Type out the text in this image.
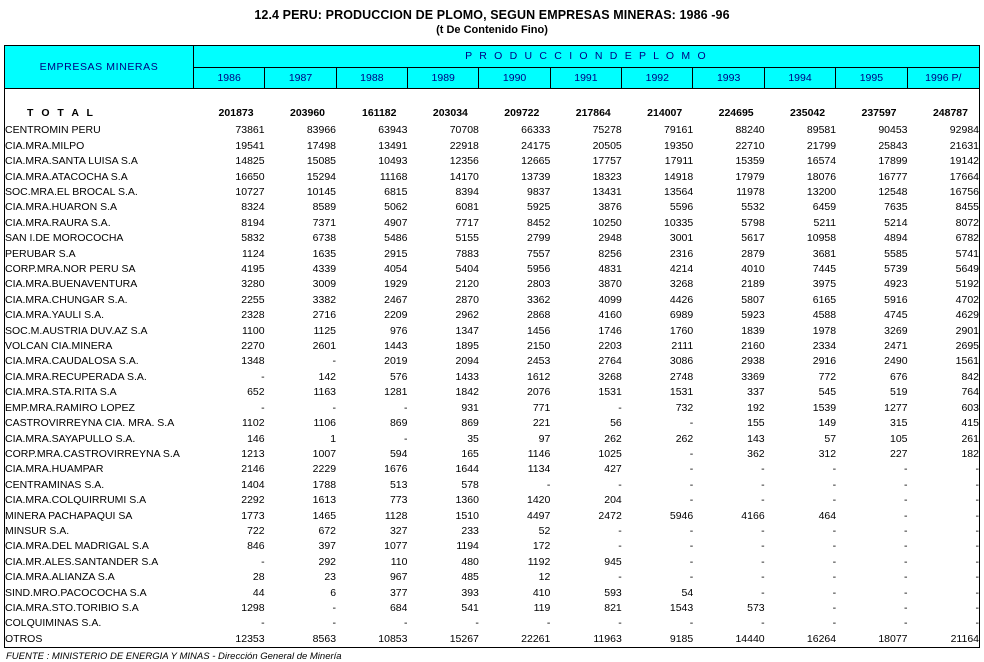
12.4 PERU: PRODUCCION DE PLOMO, SEGUN EMPRESAS MINERAS: 1986 -96
(t De Contenido Fino)
EMPRESAS MINERAS	P R O D U C C I O N D E P L O M O										
	1986	1987	1988	1989	1990	1991	1992	1993	1994	1995	1996 P/

T O T A L	201873	203960	161182	203034	209722	217864	214007	224695	235042	237597	248787
CENTROMIN PERU	73861	83966	63943	70708	66333	75278	79161	88240	89581	90453	92984
CIA.MRA.MILPO	19541	17498	13491	22918	24175	20505	19350	22710	21799	25843	21631
CIA.MRA.SANTA LUISA S.A	14825	15085	10493	12356	12665	17757	17911	15359	16574	17899	19142
CIA.MRA.ATACOCHA S.A	16650	15294	11168	14170	13739	18323	14918	17979	18076	16777	17664
SOC.MRA.EL BROCAL S.A.	10727	10145	6815	8394	9837	13431	13564	11978	13200	12548	16756
CIA.MRA.HUARON S.A	8324	8589	5062	6081	5925	3876	5596	5532	6459	7635	8455
CIA.MRA.RAURA S.A.	8194	7371	4907	7717	8452	10250	10335	5798	5211	5214	8072
SAN I.DE MOROCOCHA	5832	6738	5486	5155	2799	2948	3001	5617	10958	4894	6782
PERUBAR S.A	1124	1635	2915	7883	7557	8256	2316	2879	3681	5585	5741
CORP.MRA.NOR PERU SA	4195	4339	4054	5404	5956	4831	4214	4010	7445	5739	5649
CIA.MRA.BUENAVENTURA	3280	3009	1929	2120	2803	3870	3268	2189	3975	4923	5192
CIA.MRA.CHUNGAR S.A.	2255	3382	2467	2870	3362	4099	4426	5807	6165	5916	4702
CIA.MRA.YAULI S.A.	2328	2716	2209	2962	2868	4160	6989	5923	4588	4745	4629
SOC.M.AUSTRIA DUV.AZ S.A	1100	1125	976	1347	1456	1746	1760	1839	1978	3269	2901
VOLCAN CIA.MINERA	2270	2601	1443	1895	2150	2203	2111	2160	2334	2471	2695
CIA.MRA.CAUDALOSA S.A.	1348	-	2019	2094	2453	2764	3086	2938	2916	2490	1561
CIA.MRA.RECUPERADA S.A.	-	142	576	1433	1612	3268	2748	3369	772	676	842
CIA.MRA.STA.RITA S.A	652	1163	1281	1842	2076	1531	1531	337	545	519	764
EMP.MRA.RAMIRO LOPEZ	-	-	-	931	771	-	732	192	1539	1277	603
CASTROVIRREYNA CIA. MRA. S.A	1102	1106	869	869	221	56	-	155	149	315	415
CIA.MRA.SAYAPULLO S.A.	146	1	-	35	97	262	262	143	57	105	261
CORP.MRA.CASTROVIRREYNA S.A	1213	1007	594	165	1146	1025	-	362	312	227	182
CIA.MRA.HUAMPAR	2146	2229	1676	1644	1134	427	-	-	-	-	-
CENTRAMINAS S.A.	1404	1788	513	578	-	-	-	-	-	-	-
CIA.MRA.COLQUIRRUMI S.A	2292	1613	773	1360	1420	204	-	-	-	-	-
MINERA PACHAPAQUI SA	1773	1465	1128	1510	4497	2472	5946	4166	464	-	-
MINSUR S.A.	722	672	327	233	52	-	-	-	-	-	-
CIA.MRA.DEL MADRIGAL S.A	846	397	1077	1194	172	-	-	-	-	-	-
CIA.MR.ALES.SANTANDER S.A	-	292	110	480	1192	945	-	-	-	-	-
CIA.MRA.ALIANZA S.A	28	23	967	485	12	-	-	-	-	-	-
SIND.MRO.PACOCOCHA S.A	44	6	377	393	410	593	54	-	-	-	-
CIA.MRA.STO.TORIBIO S.A	1298	-	684	541	119	821	1543	573	-	-	-
COLQUIMINAS S.A.	-	-	-	-	-	-	-	-	-	-	-
OTROS	12353	8563	10853	15267	22261	11963	9185	14440	16264	18077	21164
FUENTE : MINISTERIO DE ENERGIA Y MINAS - Dirección General de Minería
